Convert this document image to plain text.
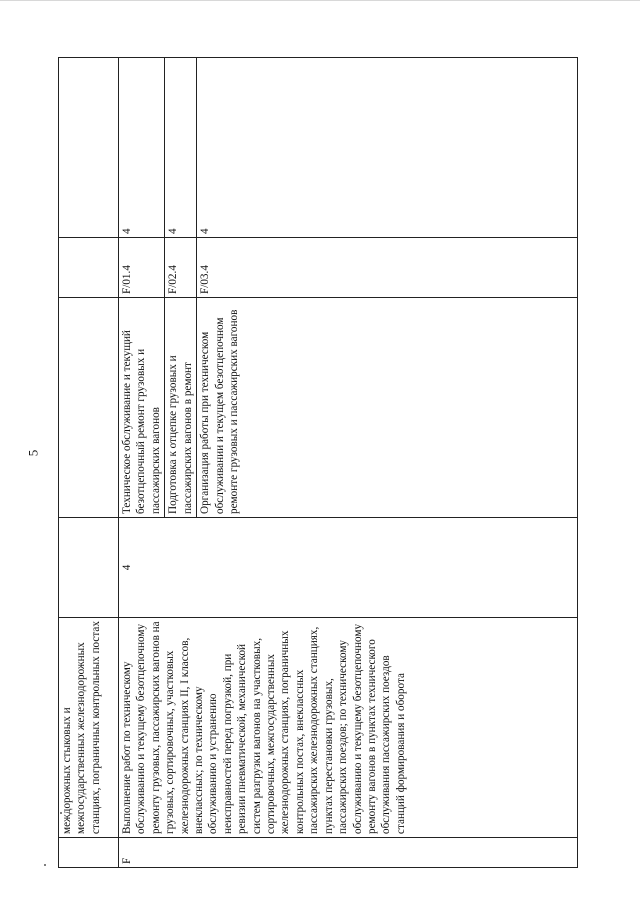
5
	междорожных стыковых и межгосударственных железнодорожных станциях, пограничных контрольных постах				
F	Выполнение работ по техническому обслуживанию и текущему безотцепочному ремонту грузовых, пассажирских вагонов на грузовых, сортировочных, участковых железнодорожных станциях II, I классов, внеклассных; по техническому обслуживанию и устранению неисправностей перед погрузкой, при ревизии пневматической, механической систем разгрузки вагонов на участковых, сортировочных, межгосударственных железнодорожных станциях, пограничных контрольных постах, внеклассных пассажирских железнодорожных станциях, пунктах перестановки грузовых, пассажирских поездов; по техническому обслуживанию и текущему безотцепочному ремонту вагонов в пунктах технического обслуживания пассажирских поездов станций формирования и оборота	4	Техническое обслуживание и текущий безотцепочный ремонт грузовых и пассажирских вагонов	F/01.4	4
			Подготовка к отцепке грузовых и пассажирских вагонов в ремонт	F/02.4	4
			Организация работы при техническом обслуживании и текущем безотцепочном ремонте грузовых и пассажирских вагонов	F/03.4	4
